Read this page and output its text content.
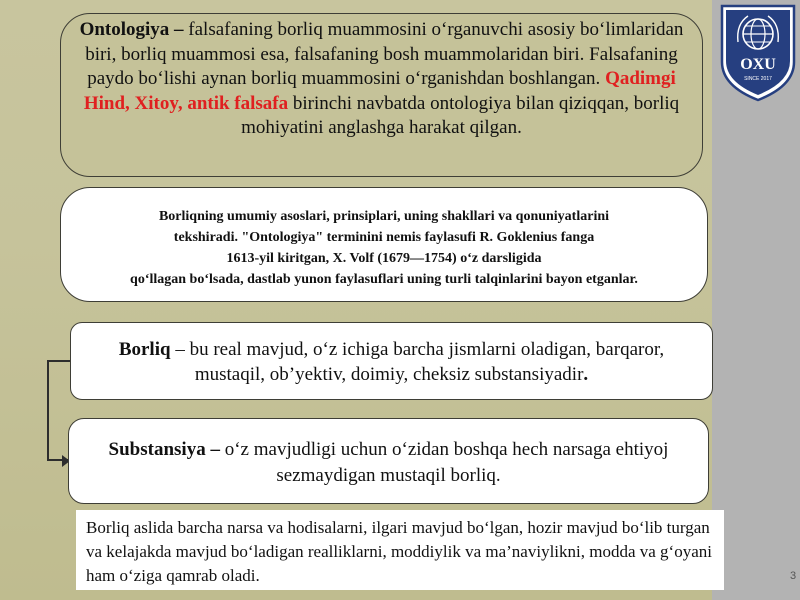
OXU
SINCE 2017
Ontologiya – falsafaning borliq muammosini o‘rganuvchi asosiy bo‘limlaridan biri, borliq muammosi esa, falsafaning bosh muammolaridan biri. Falsafaning paydo bo‘lishi aynan borliq muammosini o‘rganishdan boshlangan. Qadimgi Hind, Xitoy, antik falsafa birinchi navbatda ontologiya bilan qiziqqan, borliq mohiyatini anglashga harakat qilgan.
Borliqning umumiy asoslari, prinsiplari, uning shakllari va qonuniyatlarini
tekshiradi. "Ontologiya" terminini nemis faylasufi R. Goklenius fanga
1613-yil kiritgan, X. Volf (1679—1754) o‘z darsligida
qo‘llagan bo‘lsada, dastlab yunon faylasuflari uning turli talqinlarini bayon etganlar.
Borliq – bu real mavjud, o‘z ichiga barcha jismlarni oladigan, barqaror, mustaqil, ob’yektiv, doimiy, cheksiz substansiyadir.
Substansiya – o‘z mavjudligi uchun o‘zidan boshqa hech narsaga ehtiyoj sezmaydigan mustaqil borliq.
Borliq aslida barcha narsa va hodisalarni, ilgari mavjud bo‘lgan, hozir mavjud bo‘lib turgan va kelajakda mavjud bo‘ladigan realliklarni, moddiylik va ma’naviylikni, modda va g‘oyani ham o‘ziga qamrab oladi.	3
